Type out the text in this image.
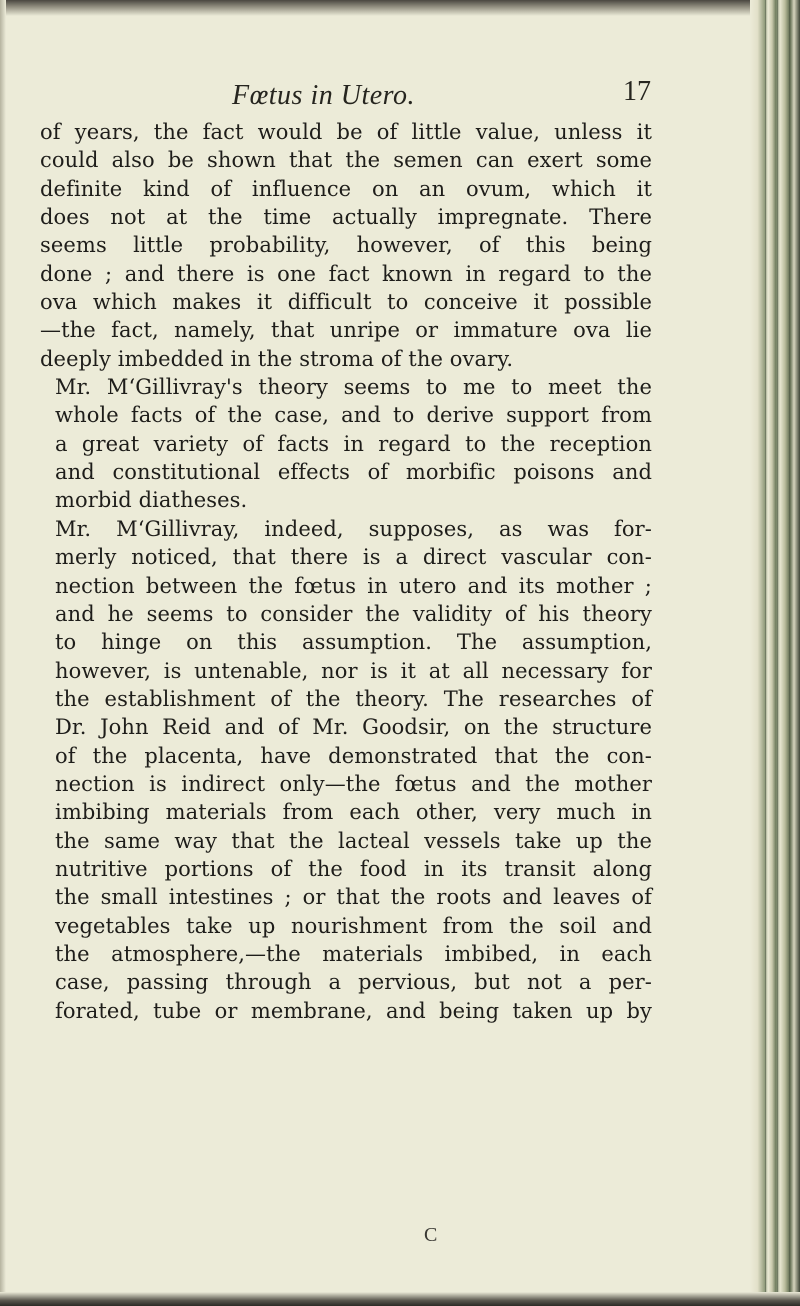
Fœtus in Utero.	17

of years, the fact would be of little value, unless it
could also be shown that the semen can exert some
definite kind of influence on an ovum, which it
does not at the time actually impregnate. There
seems little probability, however, of this being
done ; and there is one fact known in regard to the
ova which makes it difficult to conceive it possible
—the fact, namely, that unripe or immature ova lie
deeply imbedded in the stroma of the ovary.

Mr. M‘Gillivray's theory seems to me to meet the
whole facts of the case, and to derive support from
a great variety of facts in regard to the reception
and constitutional effects of morbific poisons and
morbid diatheses.

Mr. M‘Gillivray, indeed, supposes, as was for-
merly noticed, that there is a direct vascular con-
nection between the fœtus in utero and its mother ;
and he seems to consider the validity of his theory
to hinge on this assumption. The assumption,
however, is untenable, nor is it at all necessary for
the establishment of the theory. The researches of
Dr. John Reid and of Mr. Goodsir, on the structure
of the placenta, have demonstrated that the con-
nection is indirect only—the fœtus and the mother
imbibing materials from each other, very much in
the same way that the lacteal vessels take up the
nutritive portions of the food in its transit along
the small intestines ; or that the roots and leaves of
vegetables take up nourishment from the soil and
the atmosphere,—the materials imbibed, in each
case, passing through a pervious, but not a per-
forated, tube or membrane, and being taken up by

C
